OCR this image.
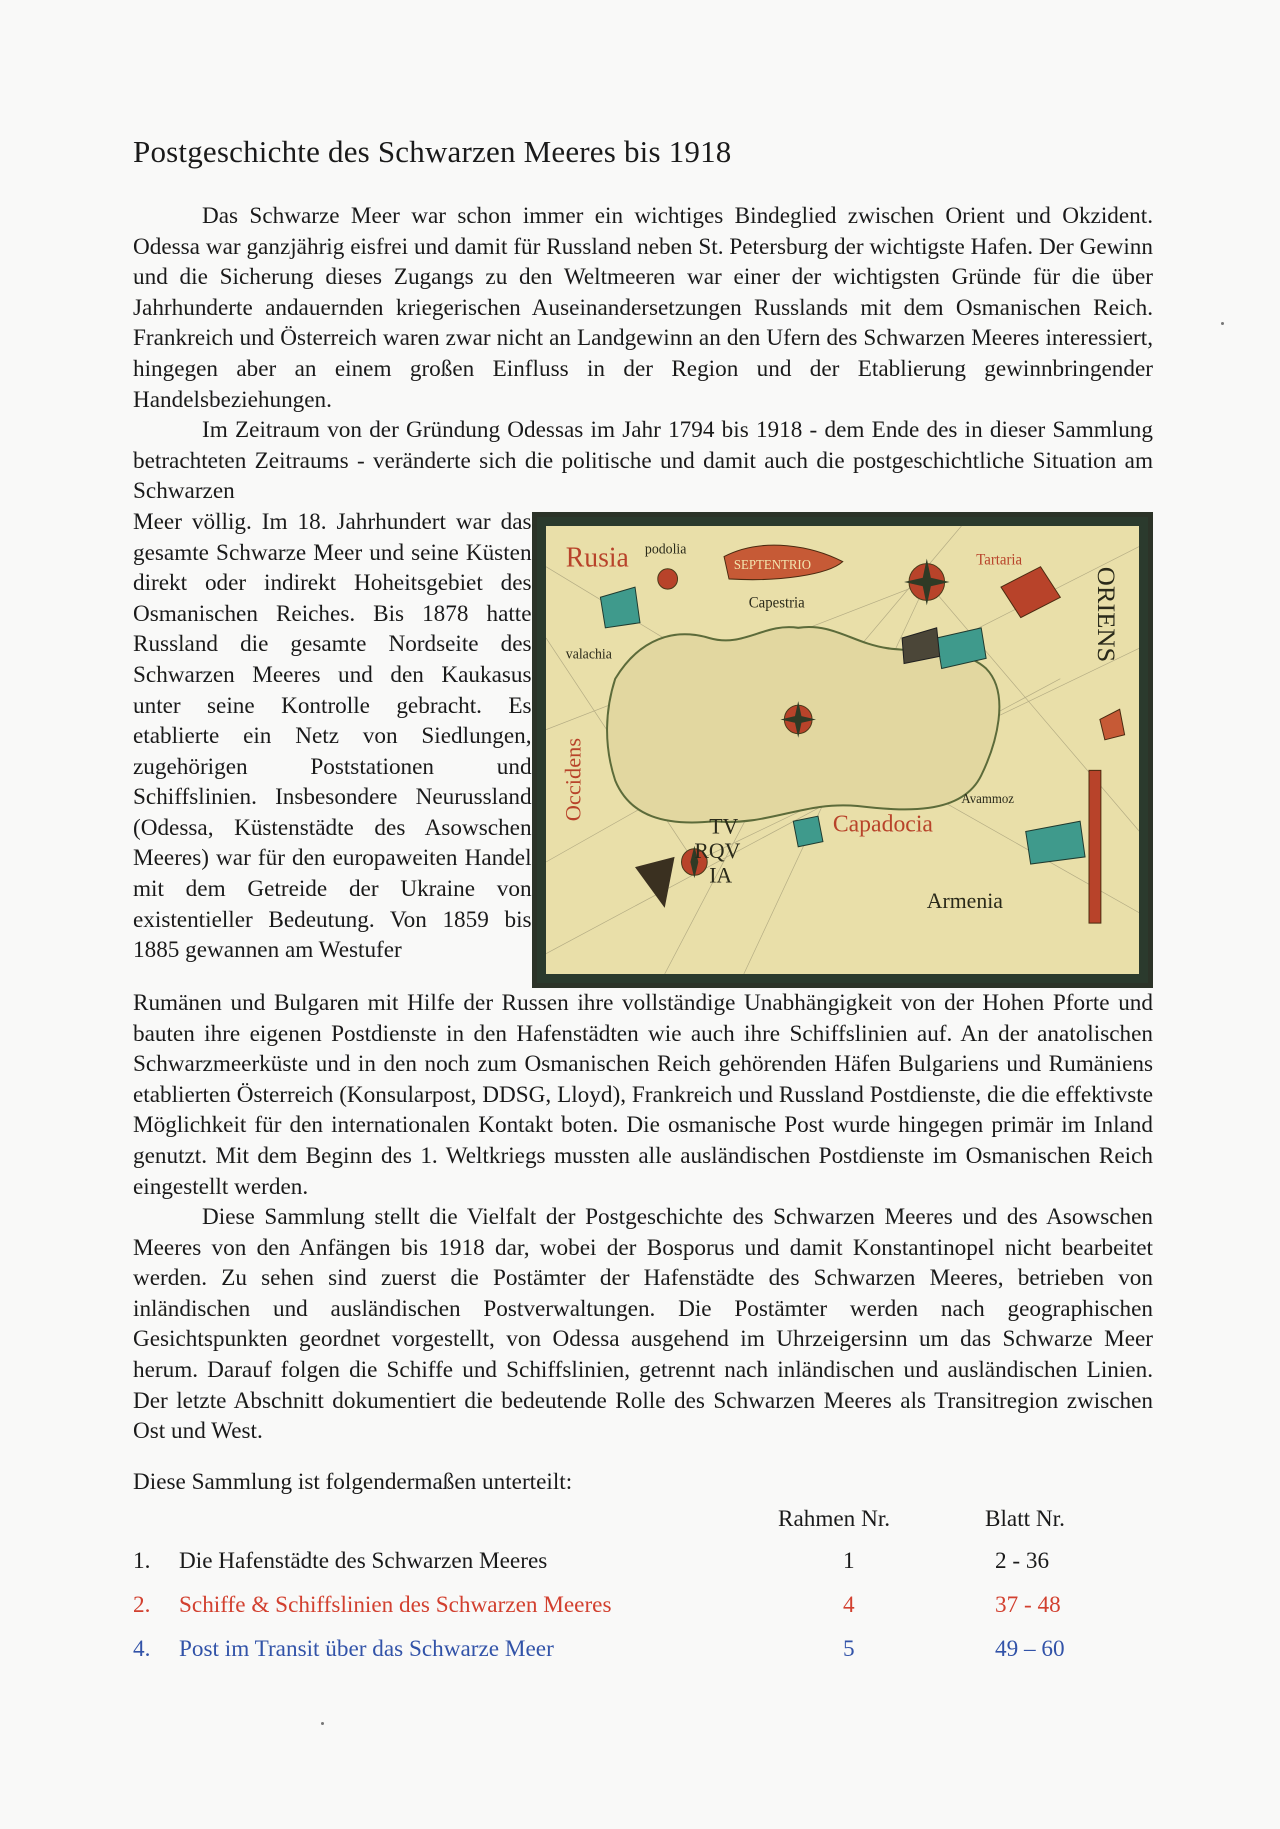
Postgeschichte des Schwarzen Meeres bis 1918

Das Schwarze Meer war schon immer ein wichtiges Bindeglied zwischen Orient und Okzident. Odessa war ganzjährig eisfrei und damit für Russland neben St. Petersburg der wichtigste Hafen. Der Gewinn und die Sicherung dieses Zugangs zu den Weltmeeren war einer der wichtigsten Gründe für die über Jahrhunderte andauernden kriegerischen Auseinandersetzungen Russlands mit dem Osmanischen Reich. Frankreich und Österreich waren zwar nicht an Landgewinn an den Ufern des Schwarzen Meeres interessiert, hingegen aber an einem großen Einfluss in der Region und der Etablierung gewinnbringender Handelsbeziehungen.

Im Zeitraum von der Gründung Odessas im Jahr 1794 bis 1918 - dem Ende des in dieser Sammlung betrachteten Zeitraums - veränderte sich die politische und damit auch die postgeschichtliche Situation am Schwarzen

Meer völlig. Im 18. Jahrhundert war das gesamte Schwarze Meer und seine Küsten direkt oder indirekt Hoheitsgebiet des Osmanischen Reiches. Bis 1878 hatte Russland die gesamte Nordseite des Schwarzen Meeres und den Kaukasus unter seine Kontrolle gebracht. Es etablierte ein Netz von Siedlungen, zugehörigen Poststationen und Schiffslinien. Insbesondere Neurussland (Odessa, Küstenstädte des Asowschen Meeres) war für den europaweiten Handel mit dem Getreide der Ukraine von existentieller Bedeutung. Von 1859 bis 1885 gewannen am Westufer

SEPTENTRIO
Rusia podolia
Tartaria
Capestria
valachia
Occidens
ORIENS
TV
RQV
IA
Capadocia
Avammoz
Armenia

Rumänen und Bulgaren mit Hilfe der Russen ihre vollständige Unabhängigkeit von der Hohen Pforte und bauten ihre eigenen Postdienste in den Hafenstädten wie auch ihre Schiffslinien auf. An der anatolischen Schwarzmeerküste und in den noch zum Osmanischen Reich gehörenden Häfen Bulgariens und Rumäniens etablierten Österreich (Konsularpost, DDSG, Lloyd), Frankreich und Russland Postdienste, die die effektivste Möglichkeit für den internationalen Kontakt boten. Die osmanische Post wurde hingegen primär im Inland genutzt. Mit dem Beginn des 1. Weltkriegs mussten alle ausländischen Postdienste im Osmanischen Reich eingestellt werden.

Diese Sammlung stellt die Vielfalt der Postgeschichte des Schwarzen Meeres und des Asowschen Meeres von den Anfängen bis 1918 dar, wobei der Bosporus und damit Konstantinopel nicht bearbeitet werden. Zu sehen sind zuerst die Postämter der Hafenstädte des Schwarzen Meeres, betrieben von inländischen und ausländischen Postverwaltungen. Die Postämter werden nach geographischen Gesichtspunkten geordnet vorgestellt, von Odessa ausgehend im Uhrzeigersinn um das Schwarze Meer herum. Darauf folgen die Schiffe und Schiffslinien, getrennt nach inländischen und ausländischen Linien. Der letzte Abschnitt dokumentiert die bedeutende Rolle des Schwarzen Meeres als Transitregion zwischen Ost und West.

Diese Sammlung ist folgendermaßen unterteilt:
Rahmen Nr.	Blatt Nr.
1. Die Hafenstädte des Schwarzen Meeres	1	2 - 36
2. Schiffe & Schiffslinien des Schwarzen Meeres	4	37 - 48
4. Post im Transit über das Schwarze Meer	5	49 – 60
